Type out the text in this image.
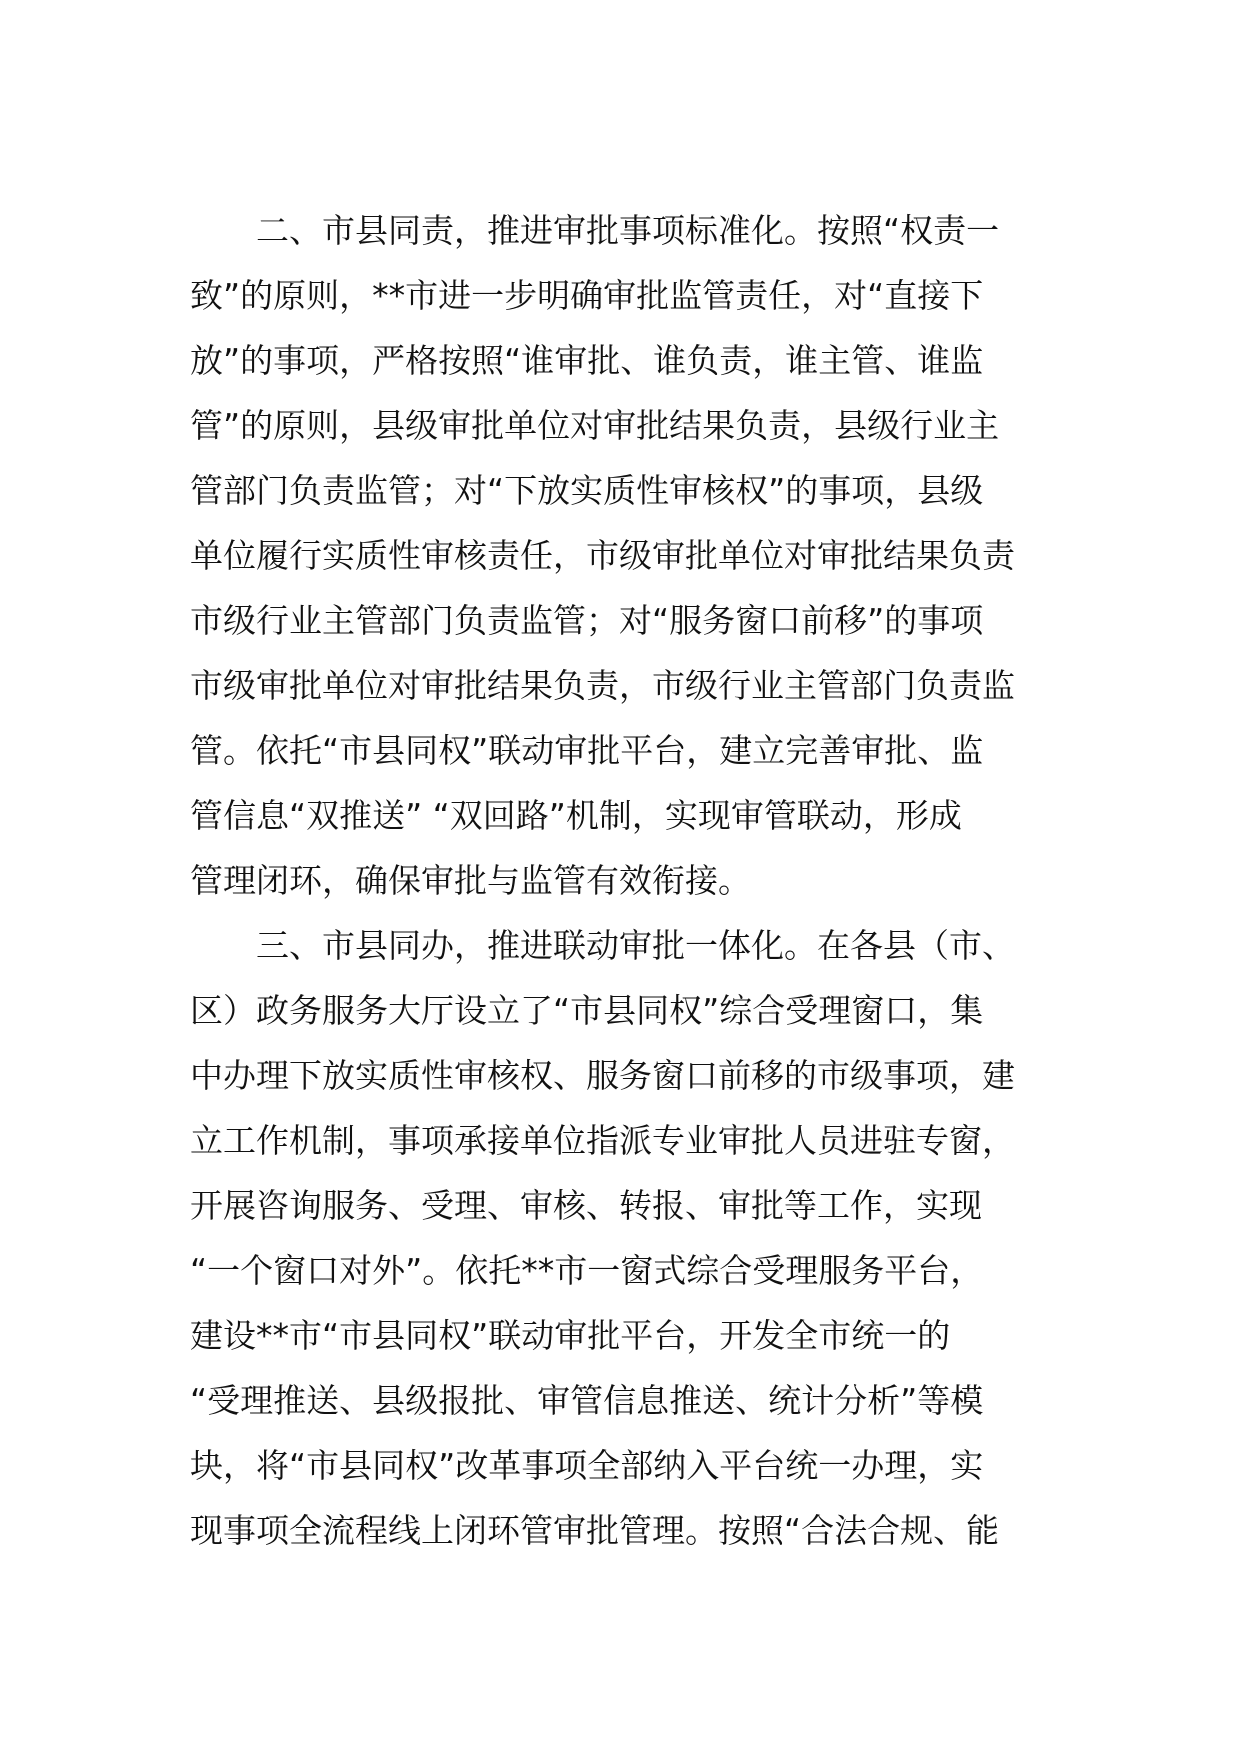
二、市县同责，推进审批事项标准化。按照“权责一
致”的原则，**市进一步明确审批监管责任，对“直接下
放”的事项，严格按照“谁审批、谁负责，谁主管、谁监
管”的原则，县级审批单位对审批结果负责，县级行业主
管部门负责监管；对“下放实质性审核权”的事项，县级
单位履行实质性审核责任，市级审批单位对审批结果负责
市级行业主管部门负责监管；对“服务窗口前移”的事项
市级审批单位对审批结果负责，市级行业主管部门负责监
管。依托“市县同权”联动审批平台，建立完善审批、监
管信息“双推送” “双回路”机制，实现审管联动，形成
管理闭环，确保审批与监管有效衔接。
三、市县同办，推进联动审批一体化。在各县（市、
区）政务服务大厅设立了“市县同权”综合受理窗口，集
中办理下放实质性审核权、服务窗口前移的市级事项，建
立工作机制，事项承接单位指派专业审批人员进驻专窗，
开展咨询服务、受理、审核、转报、审批等工作，实现
“一个窗口对外”。依托**市一窗式综合受理服务平台，
建设**市“市县同权”联动审批平台，开发全市统一的
“受理推送、县级报批、审管信息推送、统计分析”等模
块，将“市县同权”改革事项全部纳入平台统一办理，实
现事项全流程线上闭环管审批管理。按照“合法合规、能
